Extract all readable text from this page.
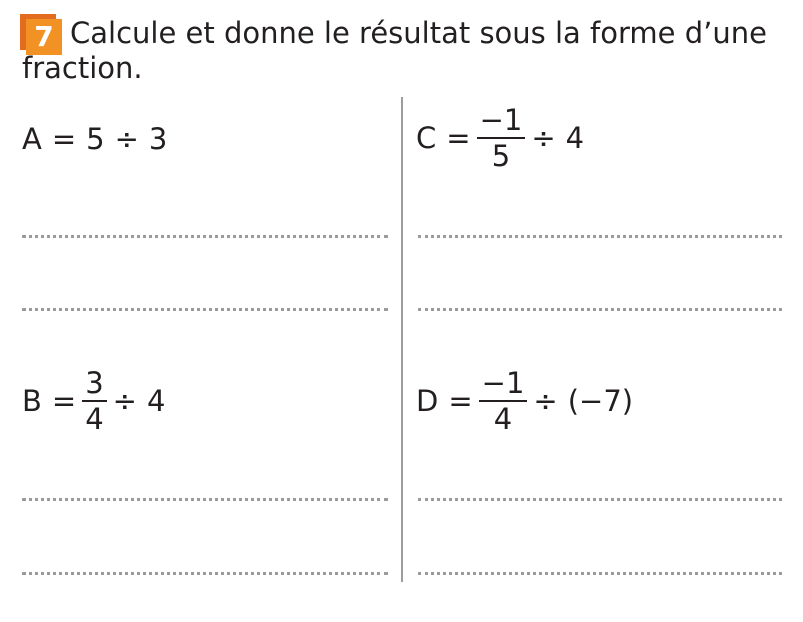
7 Calcule et donne le résultat sous la forme d’une fraction.

A = 5 ÷ 3	$C = \frac{-1}{5} \div 4$
$B = \frac{3}{4} \div 4$	$D = \frac{-1}{4} \div (-7)$
